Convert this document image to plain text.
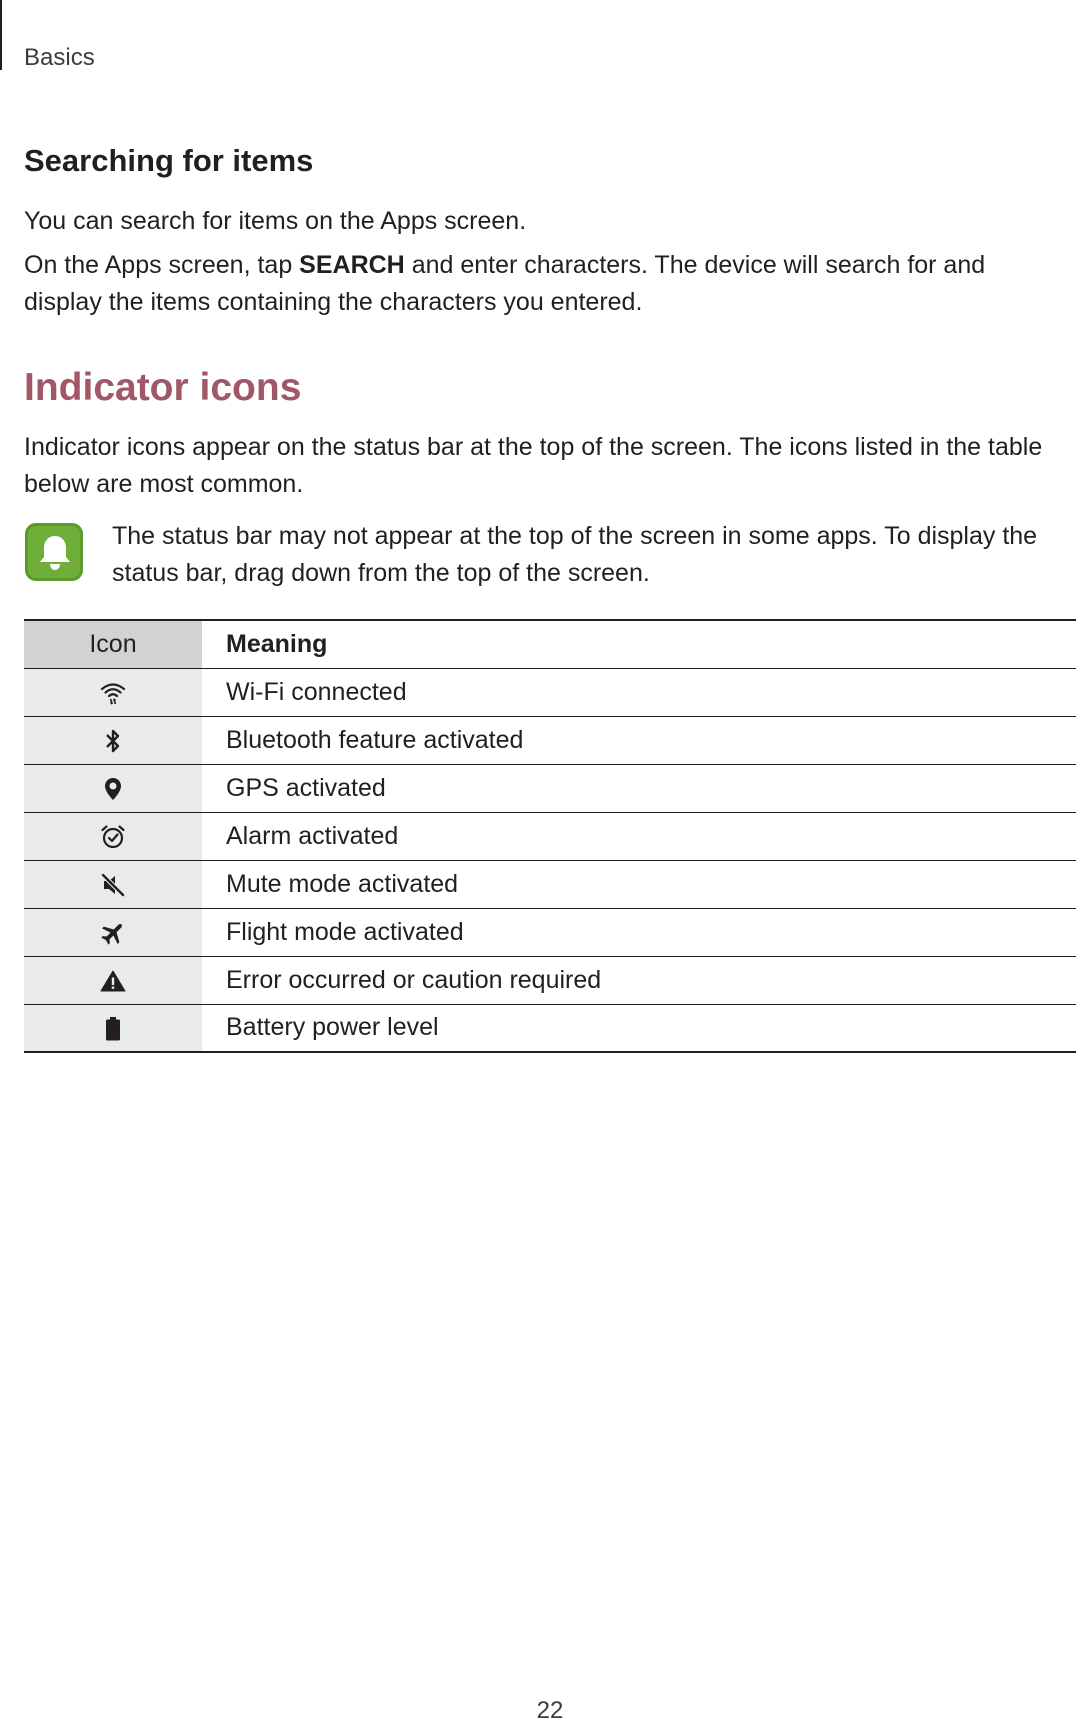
Basics
Searching for items

You can search for items on the Apps screen.

On the Apps screen, tap SEARCH and enter characters. The device will search for and display the items containing the characters you entered.

Indicator icons

Indicator icons appear on the status bar at the top of the screen. The icons listed in the table below are most common.

The status bar may not appear at the top of the screen in some apps. To display the status bar, drag down from the top of the screen.

Icon	Meaning
	Wi-Fi connected
	Bluetooth feature activated
	GPS activated
	Alarm activated
	Mute mode activated
	Flight mode activated
	Error occurred or caution required
	Battery power level
22
